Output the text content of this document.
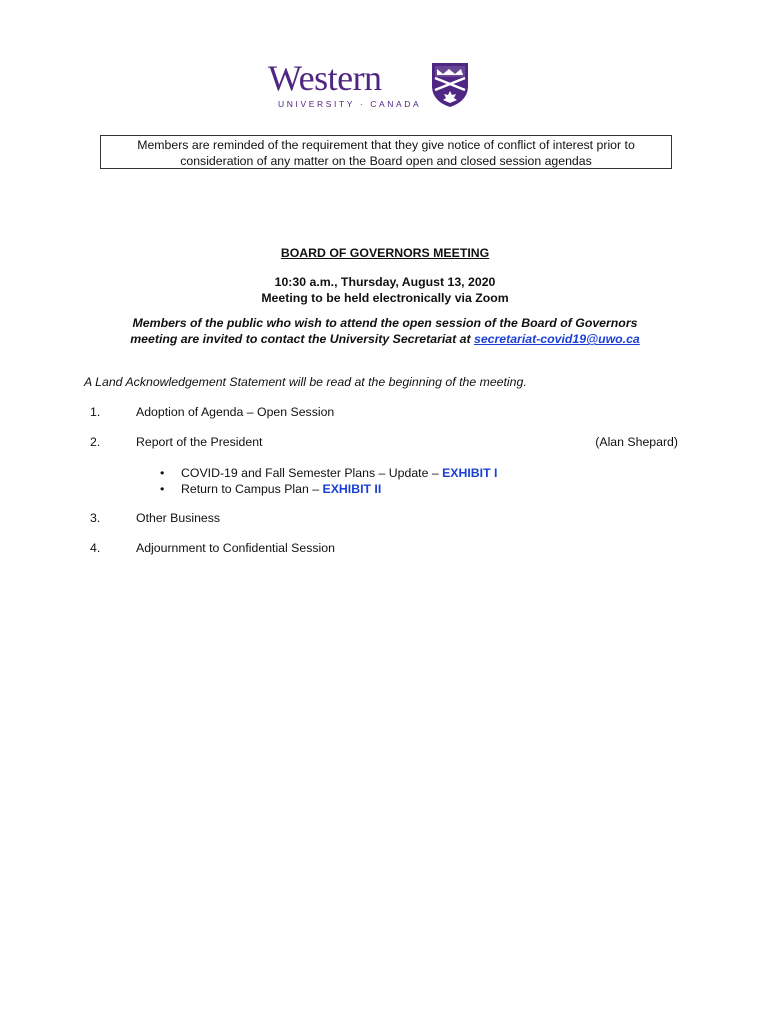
Western
UNIVERSITY · CANADA
Members are reminded of the requirement that they give notice of conflict of interest prior to
consideration of any matter on the Board open and closed session agendas
BOARD OF GOVERNORS MEETING
10:30 a.m., Thursday, August 13, 2020
Meeting to be held electronically via Zoom
Members of the public who wish to attend the open session of the Board of Governors
meeting are invited to contact the University Secretariat at secretariat-covid19@uwo.ca
A Land Acknowledgement Statement will be read at the beginning of the meeting.
1.	Adoption of Agenda – Open Session
2.	Report of the President	(Alan Shepard)
• COVID-19 and Fall Semester Plans – Update – EXHIBIT I
• Return to Campus Plan – EXHIBIT II
3.	Other Business
4.	Adjournment to Confidential Session
